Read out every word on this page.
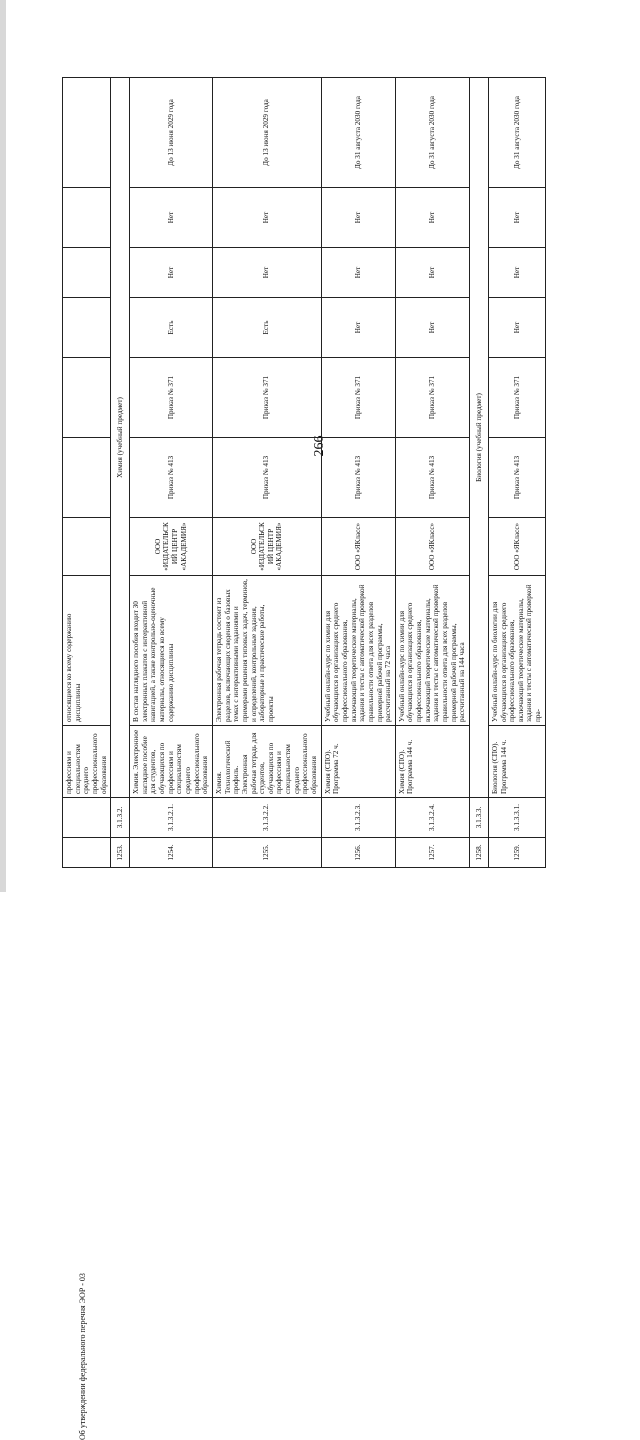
266
		профессиям и специальностям среднего профессионального образования	относящиеся ко всему содержанию дисциплины							
1253.	3.1.3.2.	Химия (учебный предмет)								
1254.	3.1.3.2.1.	Химия. Электронное наглядное пособие для студентов, обучающихся по профессиям и специальностям среднего профессионального образования	В состав наглядного пособия входит 30 электронных плакатов с интерактивной навигацией, а также контрольно-оценочные материалы, относящиеся ко всему содержанию дисциплины	ООО «ИЗДАТЕЛЬСКИЙ ЦЕНТР «АКАДЕМИЯ»	Приказ № 413	Приказ № 371	Есть	Нет	Нет	До 13 июня 2029 года
1255.	3.1.3.2.2.	Химия. Технологический профиль. Электронная рабочая тетрадь для студентов, обучающихся по профессиям и специальностям среднего профессионального образования	Электронная рабочая тетрадь состоит из разделов, включающих сведения о базовых темах с интерактивными заданиями и примерами решения типовых задач, терминов, и определений, контрольные задания, лабораторные и практические работы, проекты	ООО «ИЗДАТЕЛЬСКИЙ ЦЕНТР «АКАДЕМИЯ»	Приказ № 413	Приказ № 371	Есть	Нет	Нет	До 13 июня 2029 года
1256.	3.1.3.2.3.	Химия (СПО). Программа 72 ч.	Учебный онлайн-курс по химии для обучающихся в организациях среднего профессионального образования, включающий теоретические материалы, задания и тесты с автоматической проверкой правильности ответа для всех разделов примерной рабочей программы, рассчитанный на 72 часа	ООО «ЯКласс»	Приказ № 413	Приказ № 371	Нет	Нет	Нет	До 31 августа 2030 года
1257.	3.1.3.2.4.	Химия (СПО). Программа 144 ч.	Учебный онлайн-курс по химии для обучающихся в организациях среднего профессионального образования, включающий теоретические материалы, задания и тесты с автоматической проверкой правильности ответа для всех разделов примерной рабочей программы, рассчитанный на 144 часа	ООО «ЯКласс»	Приказ № 413	Приказ № 371	Нет	Нет	Нет	До 31 августа 2030 года
1258.	3.1.3.3.	Биология (учебный предмет)								
1259.	3.1.3.3.1.	Биология (СПО). Программа 144 ч.	Учебный онлайн-курс по биологии для обучающихся в организациях среднего профессионального образования, включающий теоретические материалы, задания и тесты с автоматической проверкой пра-	ООО «ЯКласс»	Приказ № 413	Приказ № 371	Нет	Нет	Нет	До 31 августа 2030 года
Об утверждении федерального перечня ЭОР - 03
